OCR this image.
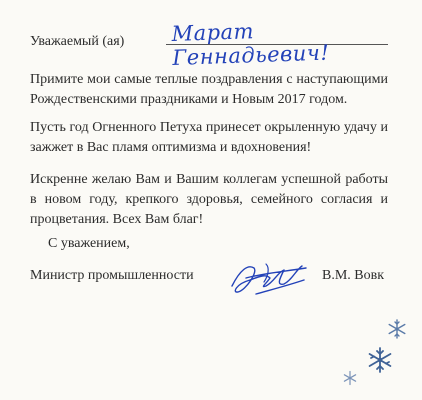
Уважаемый (ая) Марат Геннадьевич!

Примите мои самые теплые поздравления с наступающими Рождественскими праздниками и Новым 2017 годом.

Пусть год Огненного Петуха принесет окрыленную удачу и зажжет в Вас пламя оптимизма и вдохновения!

Искренне желаю Вам и Вашим коллегам успешной работы в новом году, крепкого здоровья, семейного согласия и процветания. Всех Вам благ!

С уважением,
Министр промышленности	В.М. Вовк
